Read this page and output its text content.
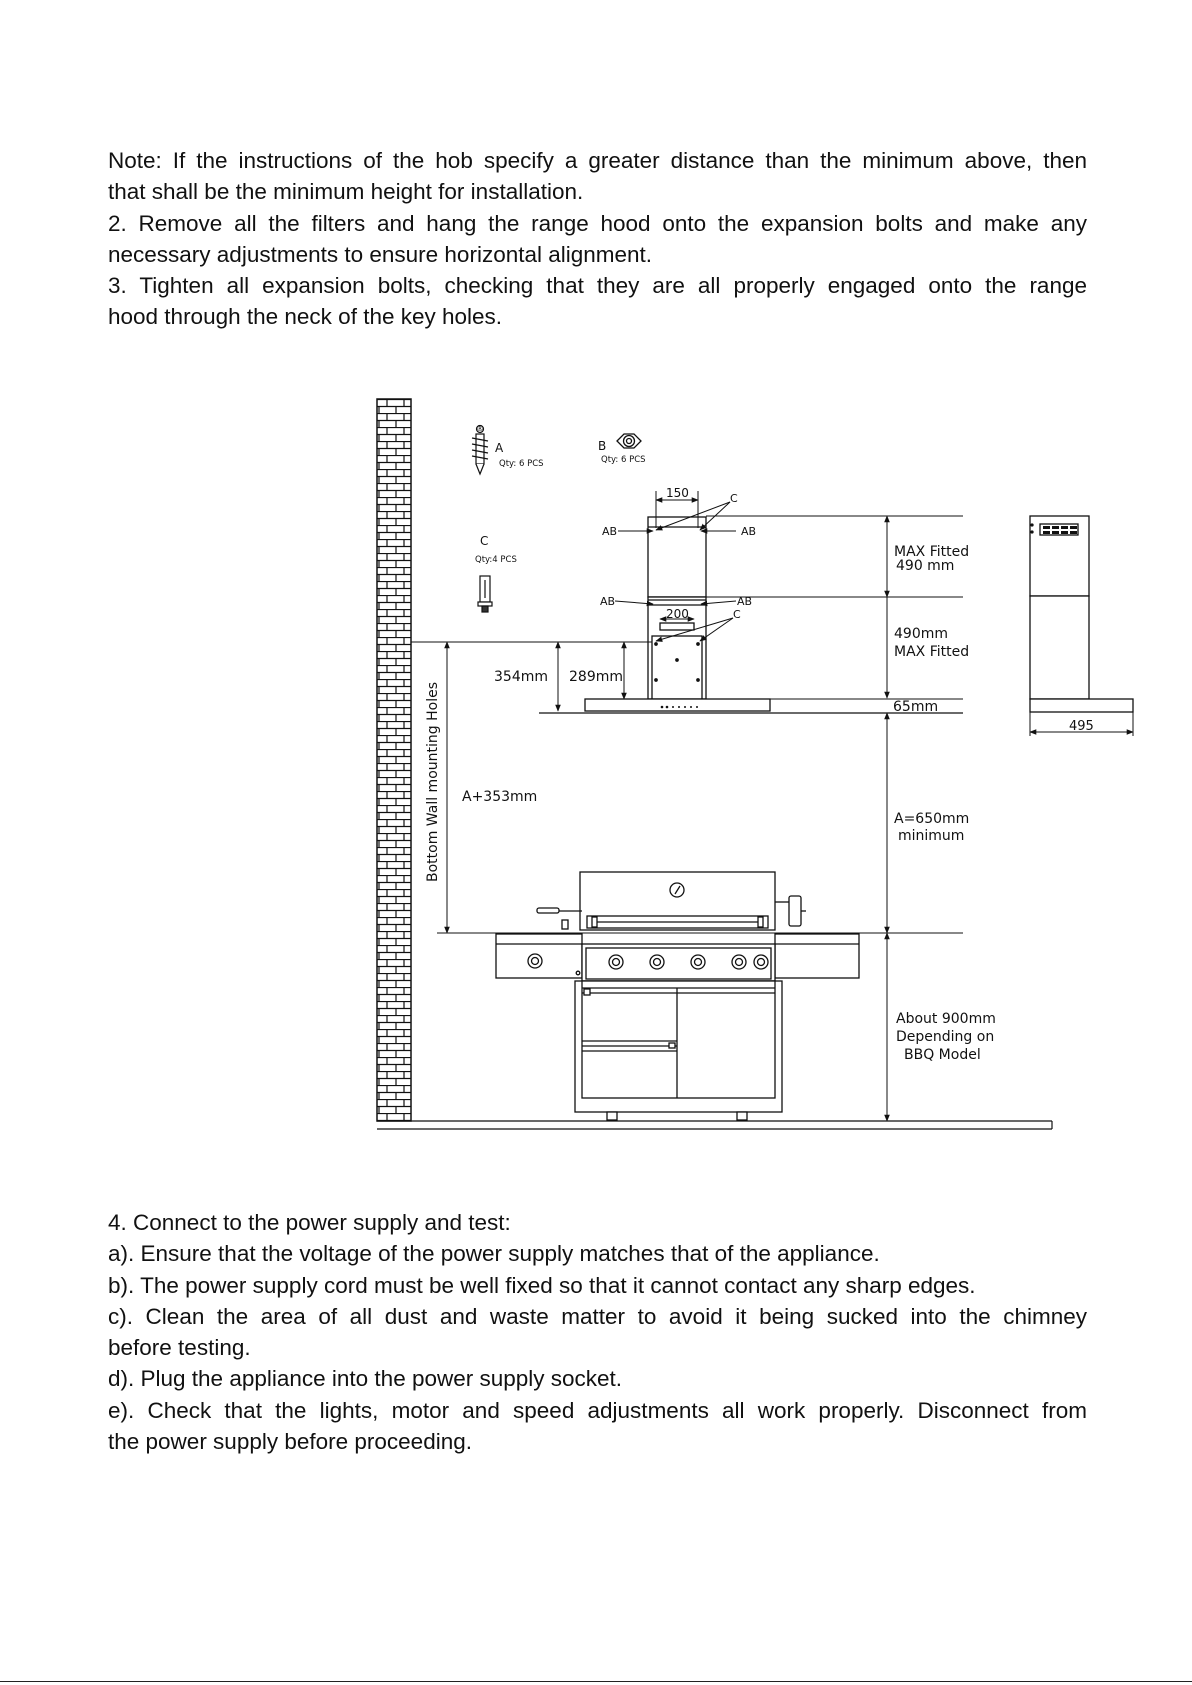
Note: If the instructions of the hob specify a greater distance than the minimum above, then
that shall be the minimum height for installation.
2. Remove all the filters and hang the range hood onto the expansion bolts and make any
necessary adjustments to ensure horizontal alignment.
3. Tighten all expansion bolts, checking that they are all properly engaged onto the range
hood through the neck of the key holes.

®
A
Qty: 6 PCS
B
Qty: 6 PCS
C
Qty:4 PCS
150	C
AB	AB
AB	AB
200	C
MAX Fitted
490 mm
490mm
MAX Fitted
65mm
354mm 289mm
Bottom Wall mounting Holes A+353mm
A=650mm
minimum
About 900mm
Depending on
BBQ Model
495

4. Connect to the power supply and test:
a). Ensure that the voltage of the power supply matches that of the appliance.
b). The power supply cord must be well fixed so that it cannot contact any sharp edges.
c). Clean the area of all dust and waste matter to avoid it being sucked into the chimney
before testing.
d). Plug the appliance into the power supply socket.
e). Check that the lights, motor and speed adjustments all work properly. Disconnect from
the power supply before proceeding.
